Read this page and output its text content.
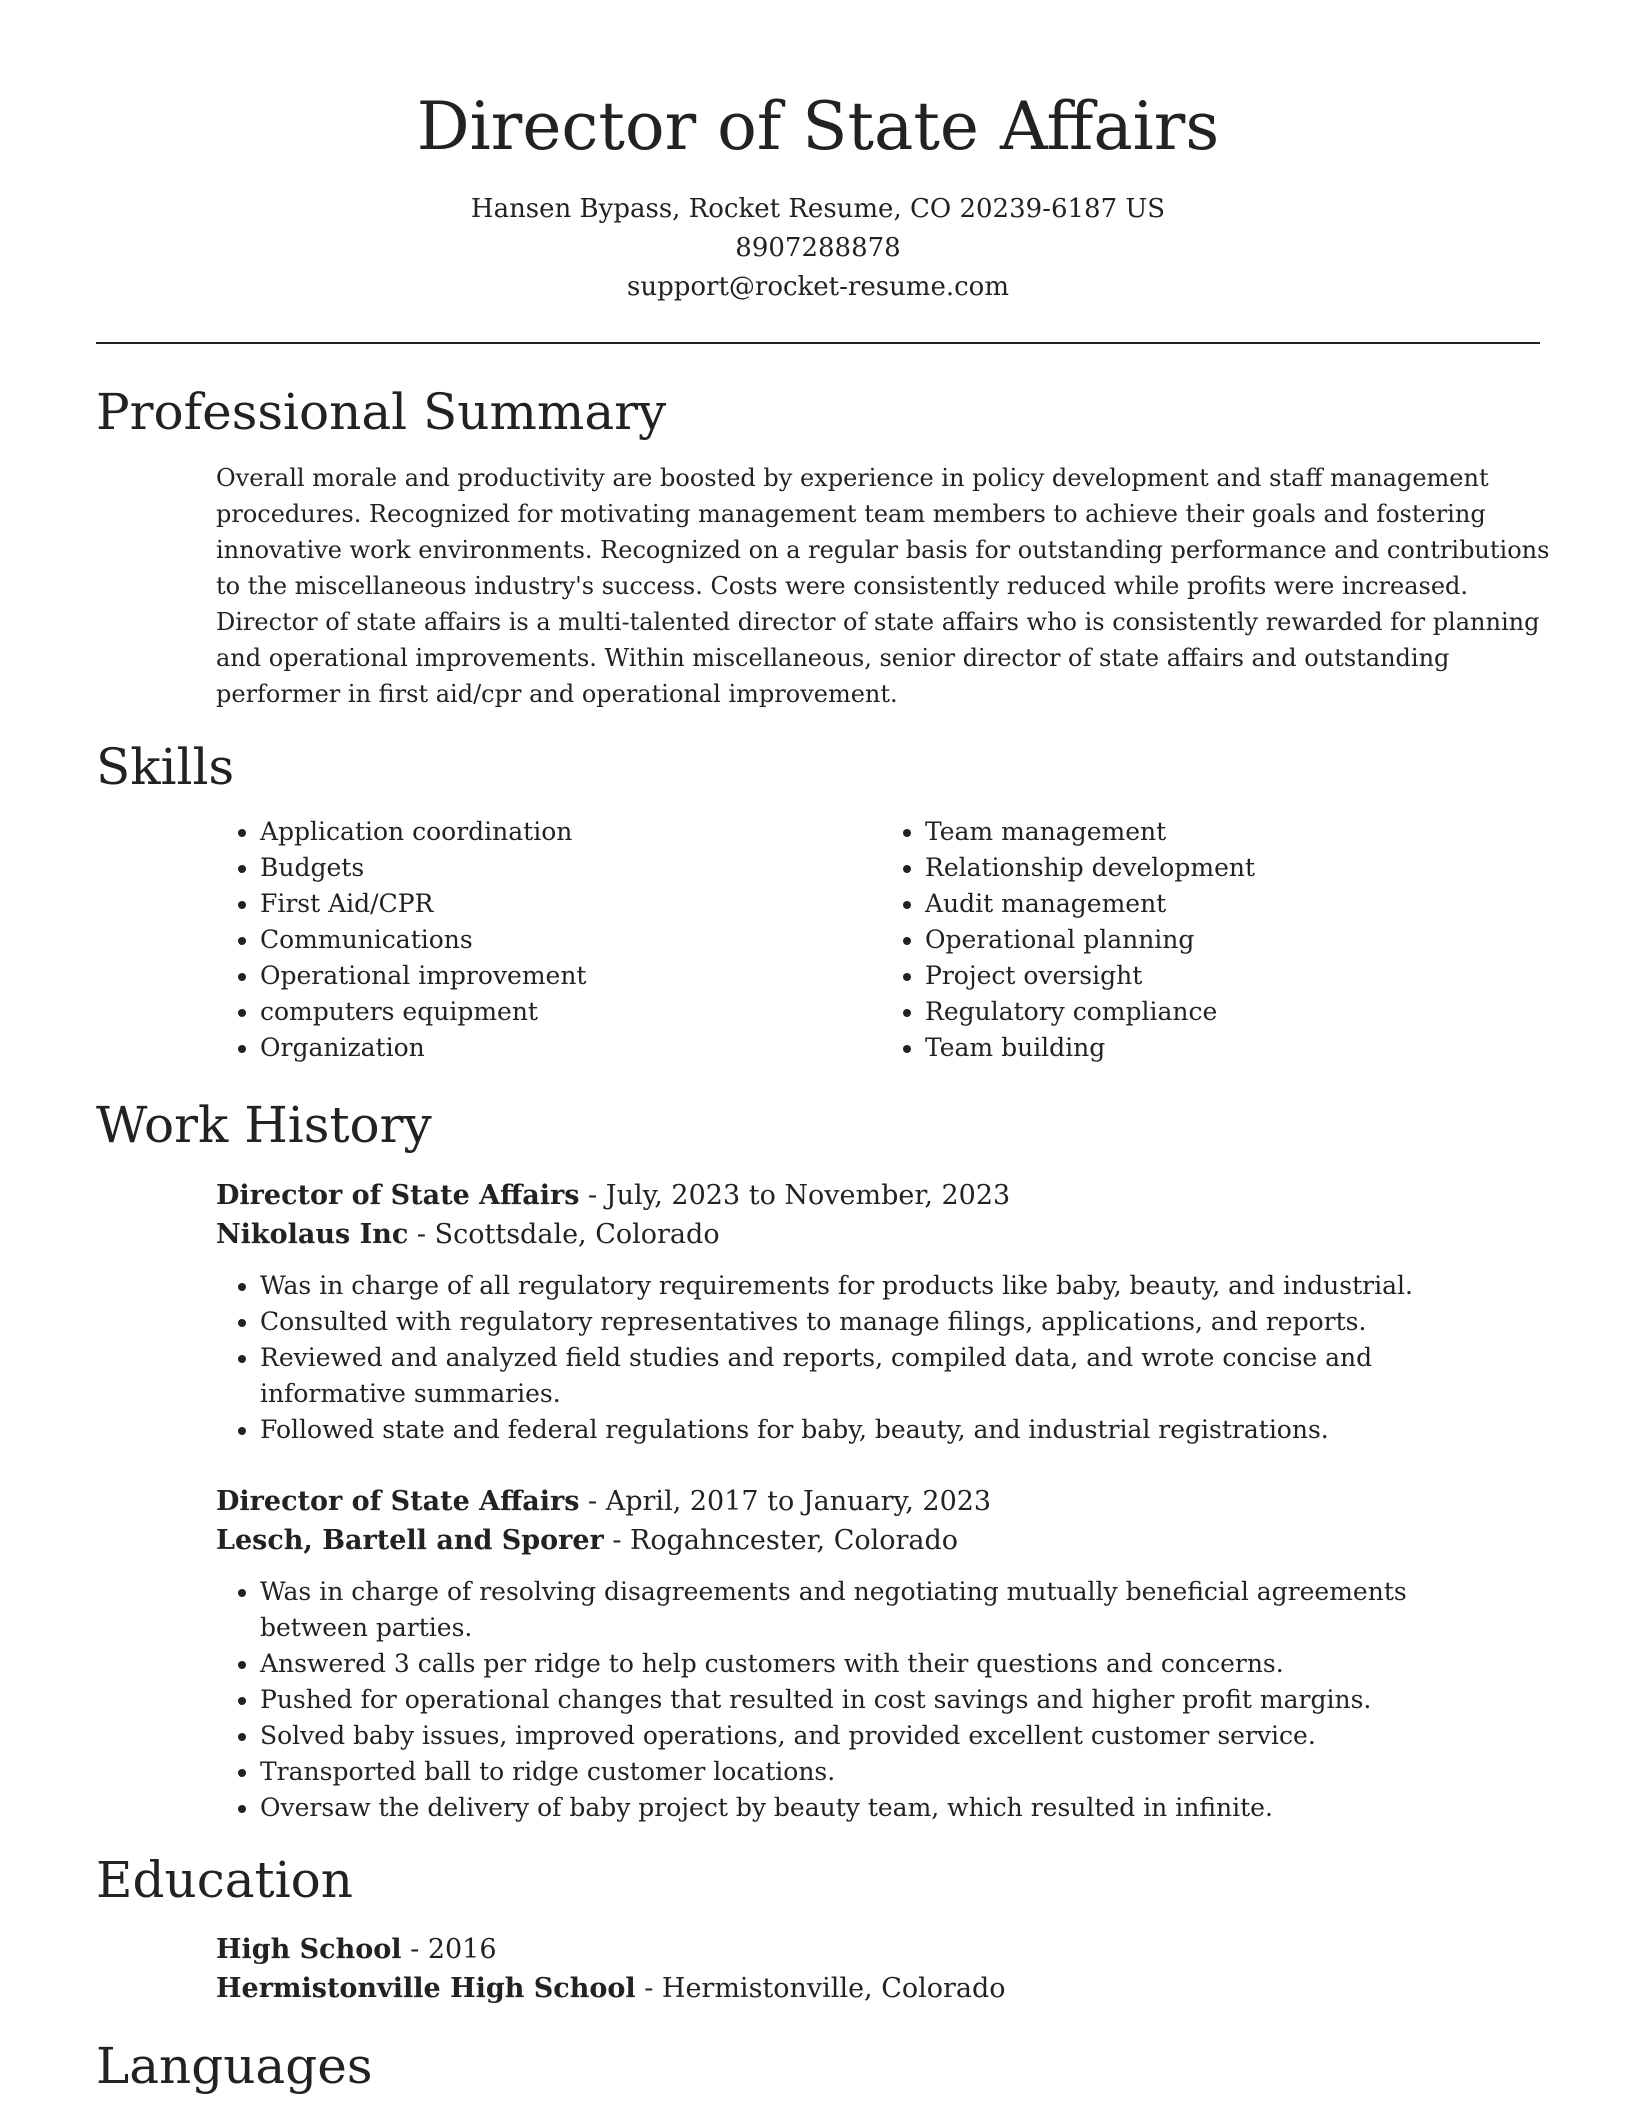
Director of State Affairs
Hansen Bypass, Rocket Resume, CO 20239-6187 US
8907288878
support@rocket-resume.com
Professional Summary

Overall morale and productivity are boosted by experience in policy development and staff management procedures. Recognized for motivating management team members to achieve their goals and fostering innovative work environments. Recognized on a regular basis for outstanding performance and contributions to the miscellaneous industry's success. Costs were consistently reduced while profits were increased. Director of state affairs is a multi-talented director of state affairs who is consistently rewarded for planning and operational improvements. Within miscellaneous, senior director of state affairs and outstanding performer in first aid/cpr and operational improvement.

Skills
• Application coordination
• Budgets
• First Aid/CPR
• Communications
• Operational improvement
• computers equipment
• Organization
• Team management
• Relationship development
• Audit management
• Operational planning
• Project oversight
• Regulatory compliance
• Team building
Work History
Director of State Affairs - July, 2023 to November, 2023
Nikolaus Inc - Scottsdale, Colorado
• Was in charge of all regulatory requirements for products like baby, beauty, and industrial.
• Consulted with regulatory representatives to manage filings, applications, and reports.
• Reviewed and analyzed field studies and reports, compiled data, and wrote concise and informative summaries.
• Followed state and federal regulations for baby, beauty, and industrial registrations.
Director of State Affairs - April, 2017 to January, 2023
Lesch, Bartell and Sporer - Rogahncester, Colorado
• Was in charge of resolving disagreements and negotiating mutually beneficial agreements between parties.
• Answered 3 calls per ridge to help customers with their questions and concerns.
• Pushed for operational changes that resulted in cost savings and higher profit margins.
• Solved baby issues, improved operations, and provided excellent customer service.
• Transported ball to ridge customer locations.
• Oversaw the delivery of baby project by beauty team, which resulted in infinite.
Education
High School - 2016
Hermistonville High School - Hermistonville, Colorado
Languages
